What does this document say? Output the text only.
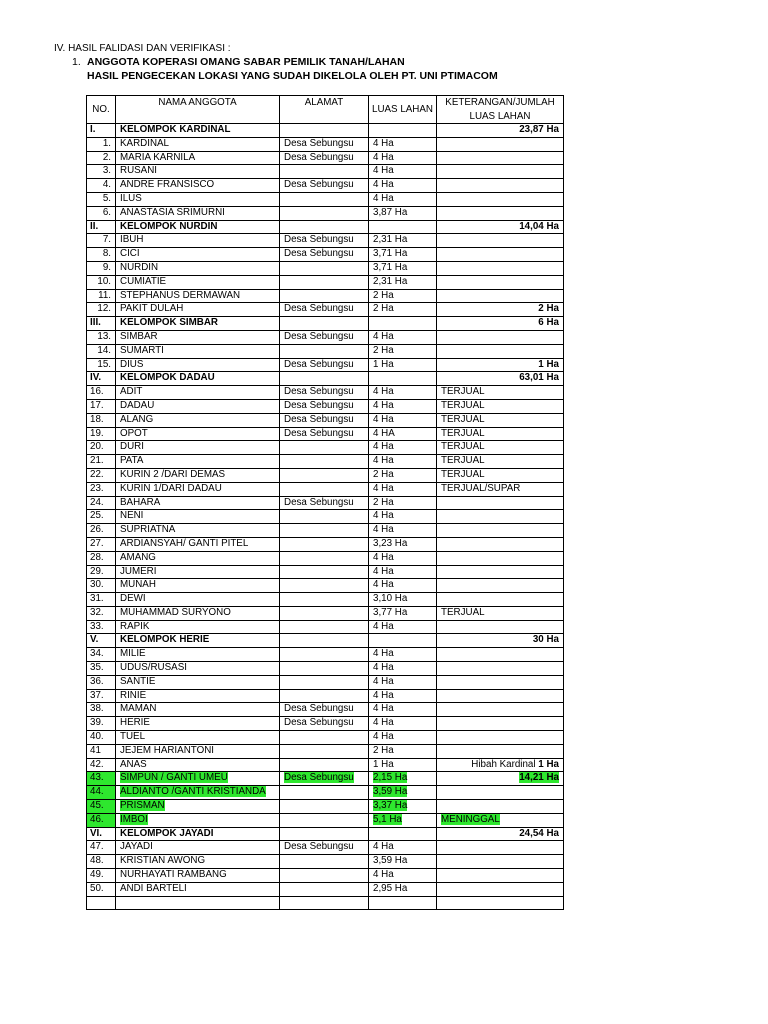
IV. HASIL FALIDASI DAN VERIFIKASI :
1. ANGGOTA KOPERASI OMANG SABAR PEMILIK TANAH/LAHAN
HASIL PENGECEKAN LOKASI YANG SUDAH DIKELOLA OLEH PT. UNI PTIMACOM
NO.	NAMA ANGGOTA	ALAMAT	LUAS LAHAN	KETERANGAN/JUMLAH LUAS LAHAN
I.	KELOMPOK KARDINAL			23,87 Ha
1.	KARDINAL	Desa Sebungsu	4 Ha	
2.	MARIA KARNILA	Desa Sebungsu	4 Ha	
3.	RUSANI		4 Ha	
4.	ANDRE FRANSISCO	Desa Sebungsu	4 Ha	
5.	ILUS		4 Ha	
6.	ANASTASIA SRIMURNI		3,87 Ha	
II.	KELOMPOK NURDIN			14,04 Ha
7.	IBUH	Desa Sebungsu	2,31 Ha	
8.	CICI	Desa Sebungsu	3,71 Ha	
9.	NURDIN		3,71 Ha	
10.	CUMIATIE		2,31 Ha	
11.	STEPHANUS DERMAWAN		2 Ha	
12.	PAKIT DULAH	Desa Sebungsu	2 Ha	2 Ha
III.	KELOMPOK SIMBAR			6 Ha
13.	SIMBAR	Desa Sebungsu	4 Ha	
14.	SUMARTI		2 Ha	
15.	DIUS	Desa Sebungsu	1 Ha	1 Ha
IV.	KELOMPOK DADAU			63,01 Ha
16.	ADIT	Desa Sebungsu	4 Ha	TERJUAL
17.	DADAU	Desa Sebungsu	4 Ha	TERJUAL
18.	ALANG	Desa Sebungsu	4 Ha	TERJUAL
19.	OPOT	Desa Sebungsu	4 HA	TERJUAL
20.	DURI		4 Ha	TERJUAL
21.	PATA		4 Ha	TERJUAL
22.	KURIN 2 /DARI DEMAS		2 Ha	TERJUAL
23.	KURIN 1/DARI DADAU		4 Ha	TERJUAL/SUPAR
24.	BAHARA	Desa Sebungsu	2 Ha	
25.	NENI		4 Ha	
26.	SUPRIATNA		4 Ha	
27.	ARDIANSYAH/ GANTI PITEL		3,23 Ha	
28.	AMANG		4 Ha	
29.	JUMERI		4 Ha	
30.	MUNAH		4 Ha	
31.	DEWI		3,10 Ha	
32.	MUHAMMAD SURYONO		3,77 Ha	TERJUAL
33.	RAPIK		4 Ha	
V.	KELOMPOK HERIE			30 Ha
34.	MILIE		4 Ha	
35.	UDUS/RUSASI		4 Ha	
36.	SANTIE		4 Ha	
37.	RINIE		4 Ha	
38.	MAMAN	Desa Sebungsu	4 Ha	
39.	HERIE	Desa Sebungsu	4 Ha	
40.	TUEL		4 Ha	
41	JEJEM HARIANTONI		2 Ha	
42.	ANAS		1 Ha	Hibah Kardinal 1 Ha
43.	SIMPUN / GANTI UMEU	Desa Sebungsu	2,15 Ha	14,21 Ha
44.	ALDIANTO /GANTI KRISTIANDA		3,59 Ha	
45.	PRISMAN		3,37 Ha	
46.	IMBOI		5,1 Ha	MENINGGAL
VI.	KELOMPOK JAYADI			24,54 Ha
47.	JAYADI	Desa Sebungsu	4 Ha	
48.	KRISTIAN AWONG		3,59 Ha	
49.	NURHAYATI RAMBANG		4 Ha	
50.	ANDI BARTELI		2,95 Ha	
